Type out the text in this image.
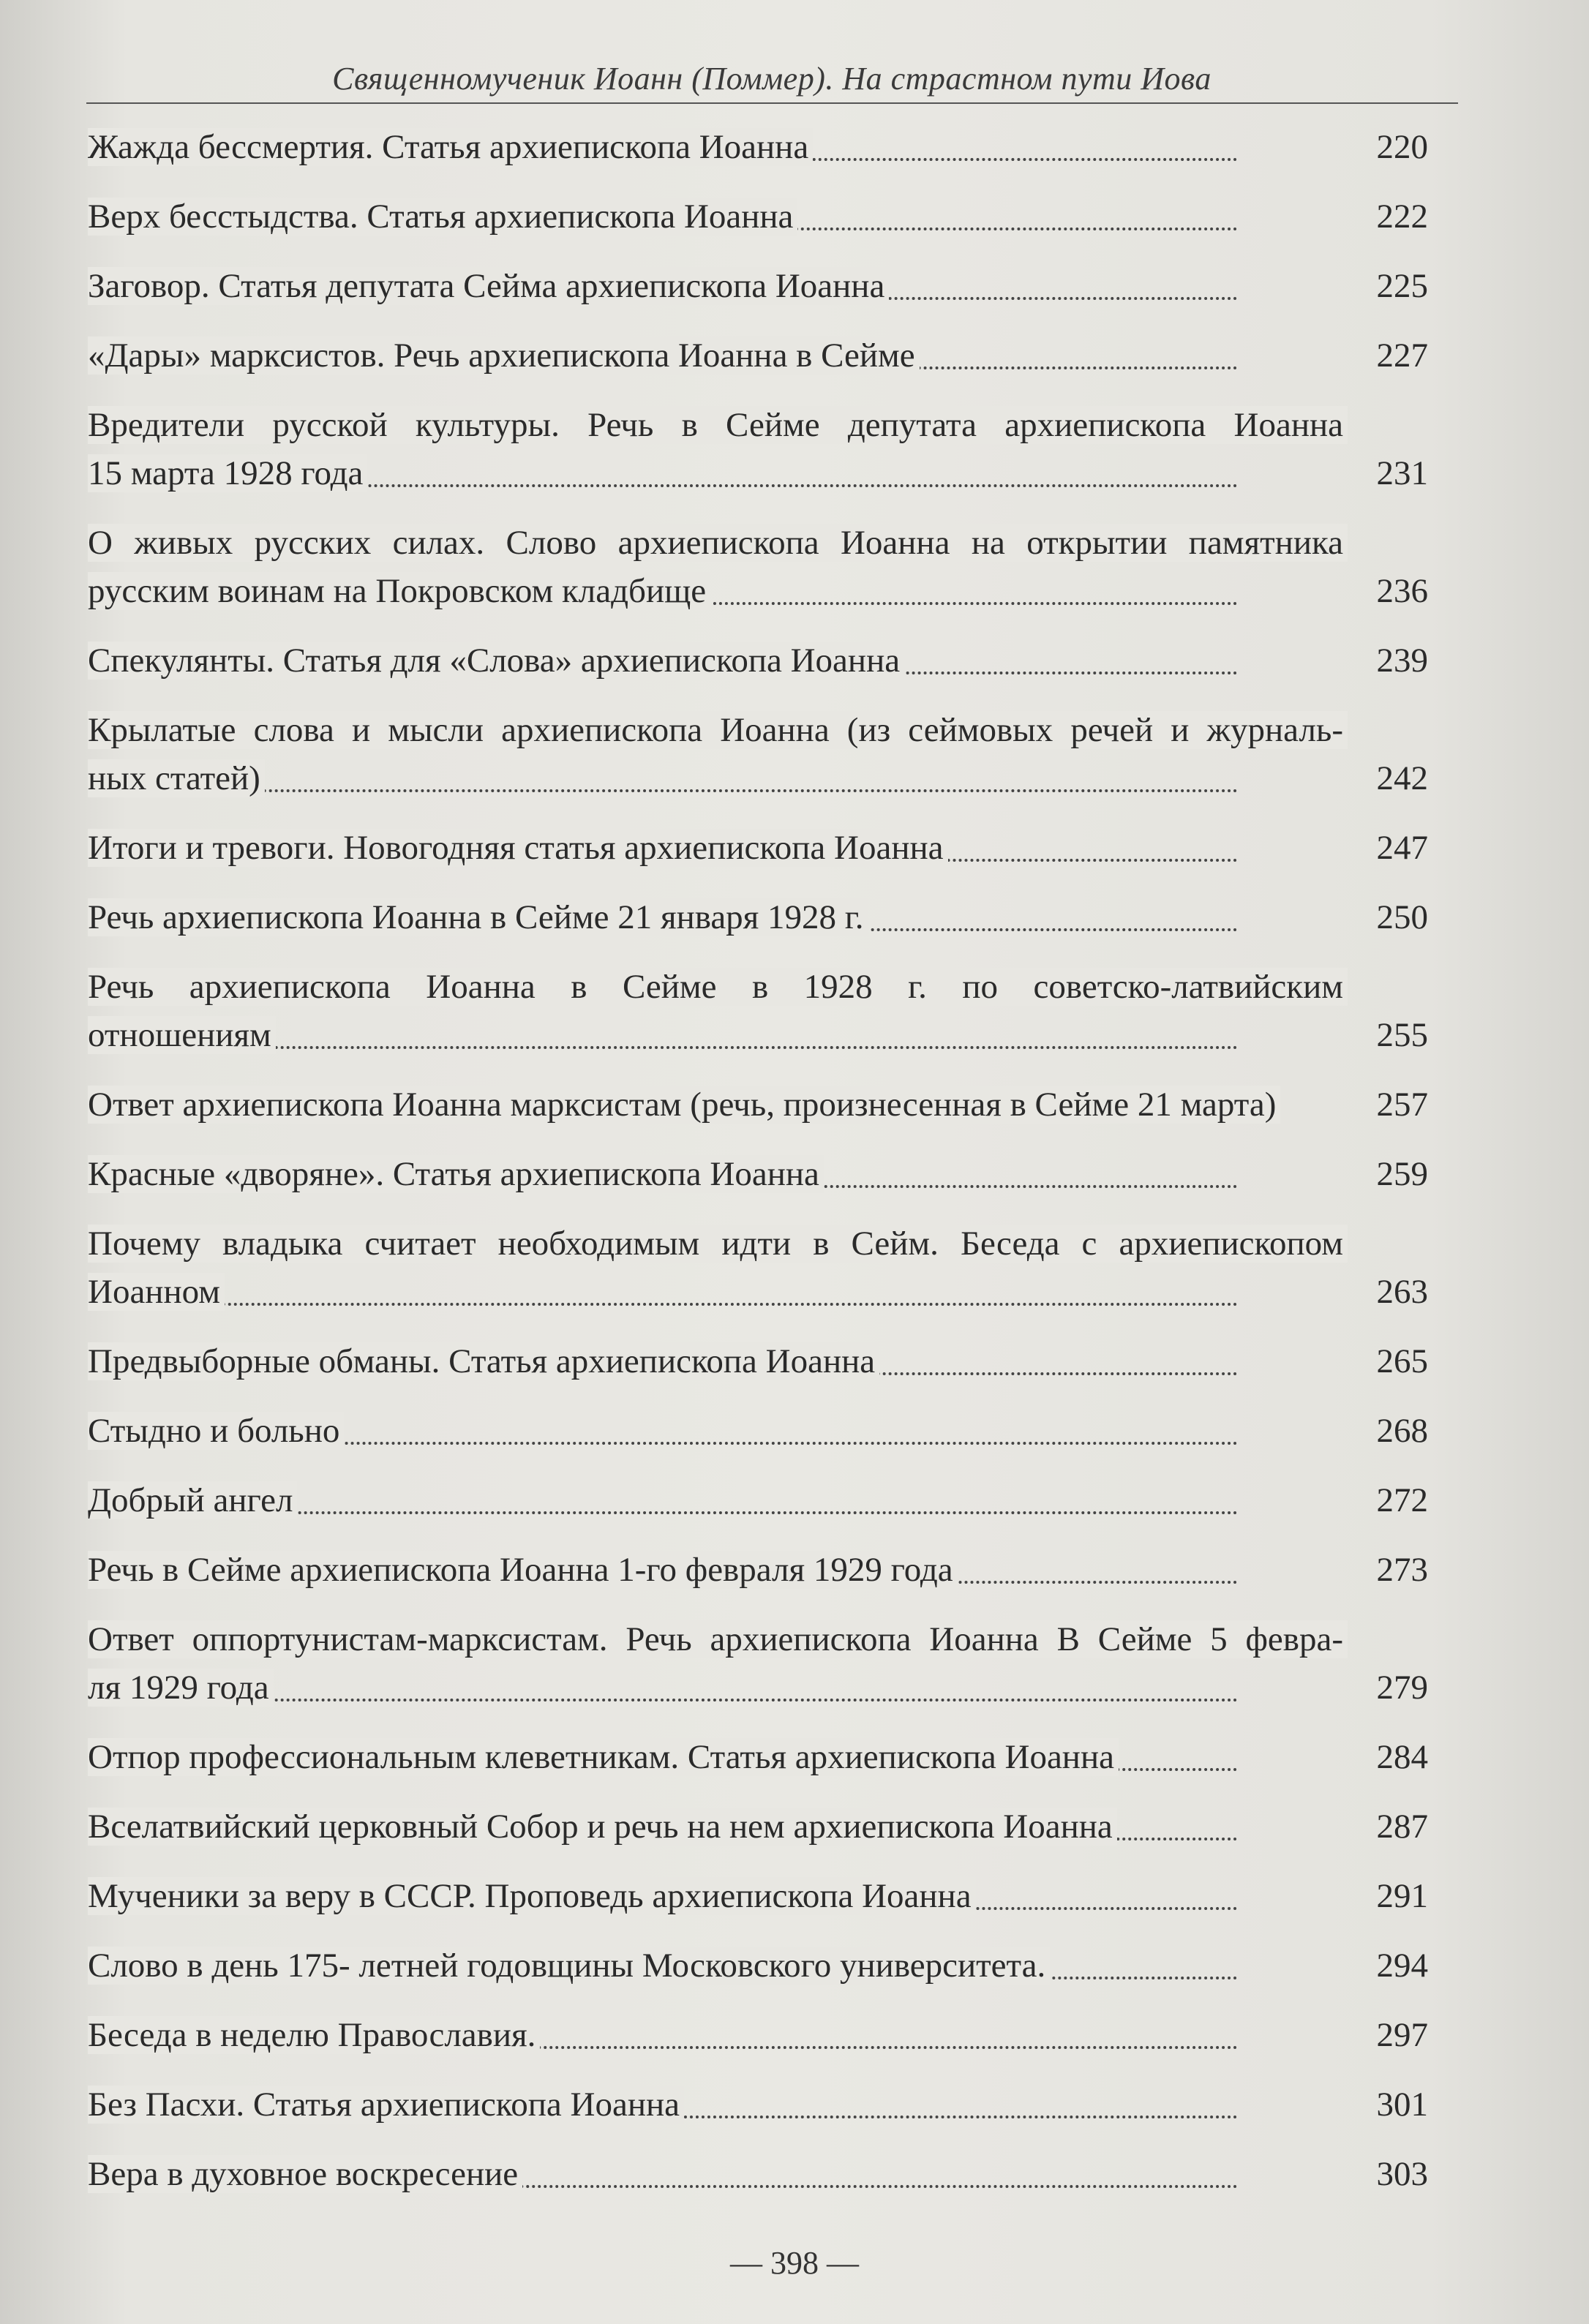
Священномученик Иоанн (Поммер). На страстном пути Иова
Жажда бессмертия. Статья архиепископа Иоанна	220
Верх бесстыдства. Статья архиепископа Иоанна	222
Заговор. Статья депутата Сейма архиепископа Иоанна	225
«Дары» марксистов. Речь архиепископа Иоанна в Сейме	227
Вредители русской культуры. Речь в Сейме депутата архиепископа Иоанна
15 марта 1928 года	231
О живых русских силах. Слово архиепископа Иоанна на открытии памятника
русским воинам на Покровском кладбище	236
Спекулянты. Статья для «Слова» архиепископа Иоанна	239
Крылатые слова и мысли архиепископа Иоанна (из сеймовых речей и журналь-
ных статей)	242
Итоги и тревоги. Новогодняя статья архиепископа Иоанна	247
Речь архиепископа Иоанна в Сейме 21 января 1928 г.	250
Речь архиепископа Иоанна в Сейме в 1928 г. по советско-латвийским
отношениям	255
Ответ архиепископа Иоанна марксистам (речь, произнесенная в Сейме 21 марта)	257
Красные «дворяне». Статья архиепископа Иоанна	259
Почему владыка считает необходимым идти в Сейм. Беседа с архиепископом
Иоанном	263
Предвыборные обманы. Статья архиепископа Иоанна	265
Стыдно и больно	268
Добрый ангел	272
Речь в Сейме архиепископа Иоанна 1-го февраля 1929 года	273
Ответ оппортунистам-марксистам. Речь архиепископа Иоанна В Сейме 5 февра-
ля 1929 года	279
Отпор профессиональным клеветникам. Статья архиепископа Иоанна	284
Вселатвийский церковный Собор и речь на нем архиепископа Иоанна	287
Мученики за веру в СССР. Проповедь архиепископа Иоанна	291
Слово в день 175- летней годовщины Московского университета.	294
Беседа в неделю Православия.	297
Без Пасхи. Статья архиепископа Иоанна	301
Вера в духовное воскресение	303
— 398 —
